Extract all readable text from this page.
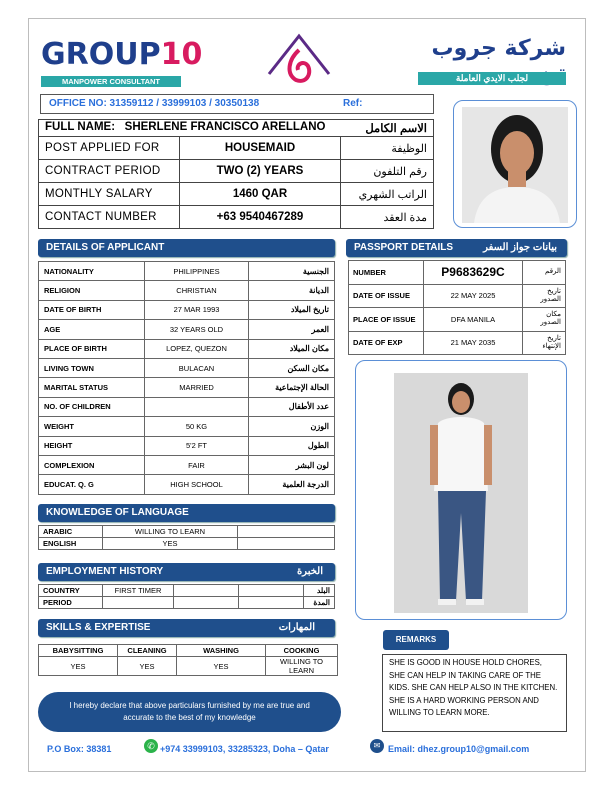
GROUP10
MANPOWER CONSULTANT
شركة جروب
لجلب الايدي العاملة
OFFICE NO: 31359112 / 33999103 / 30350138	Ref:
FULL NAME: SHERLENE FRANCISCO ARELLANO الاسم الكامل		

POST APPLIED FOR	HOUSEMAID	الوظيفة
CONTRACT PERIOD	TWO (2) YEARS	رقم التلفون
MONTHLY SALARY	1460 QAR	الراتب الشهري
CONTACT NUMBER	+63 9540467289	مدة العقد
DETAILS OF APPLICANT
NATIONALITY	PHILIPPINES	الجنسية
RELIGION	CHRISTIAN	الديانة
DATE OF BIRTH	27 MAR 1993	تاريخ الميلاد
AGE	32 YEARS OLD	العمر
PLACE OF BIRTH	LOPEZ, QUEZON	مكان الميلاد
LIVING TOWN	BULACAN	مكان السكن
MARITAL STATUS	MARRIED	الحالة الإجتماعية
NO. OF CHILDREN		عدد الأطفال
WEIGHT	50 KG	الوزن
HEIGHT	5'2 FT	الطول
COMPLEXION	FAIR	لون البشر
EDUCAT. Q. G	HIGH SCHOOL	الدرجة العلمية
PASSPORT DETAILS	بيانات جواز السفر
NUMBER	P9683629C	الرقم
DATE OF ISSUE	22 MAY 2025	تاريخ الصدور
PLACE OF ISSUE	DFA MANILA	مكان الصدور
DATE OF EXP	21 MAY 2035	تاريخ الإنتهاء
KNOWLEDGE OF LANGUAGE
ARABIC	WILLING TO LEARN	
ENGLISH	YES	
EMPLOYMENT HISTORY	الخبرة
COUNTRY	FIRST TIMER			البلد
PERIOD				المدة
SKILLS & EXPERTISE	المهارات
BABYSITTING	CLEANING	WASHING	COOKING
YES	YES	YES	WILLING TO LEARN
REMARKS
SHE IS GOOD IN HOUSE HOLD CHORES, SHE CAN HELP IN TAKING CARE OF THE KIDS. SHE CAN HELP ALSO IN THE KITCHEN. SHE IS A HARD WORKING PERSON AND WILLING TO LEARN MORE.
I hereby declare that above particulars furnished by me are true and accurate to the best of my knowledge
P.O Box: 38381	✆ +974 33999103, 33285323, Doha – Qatar	✉ Email: dhez.group10@gmail.com
